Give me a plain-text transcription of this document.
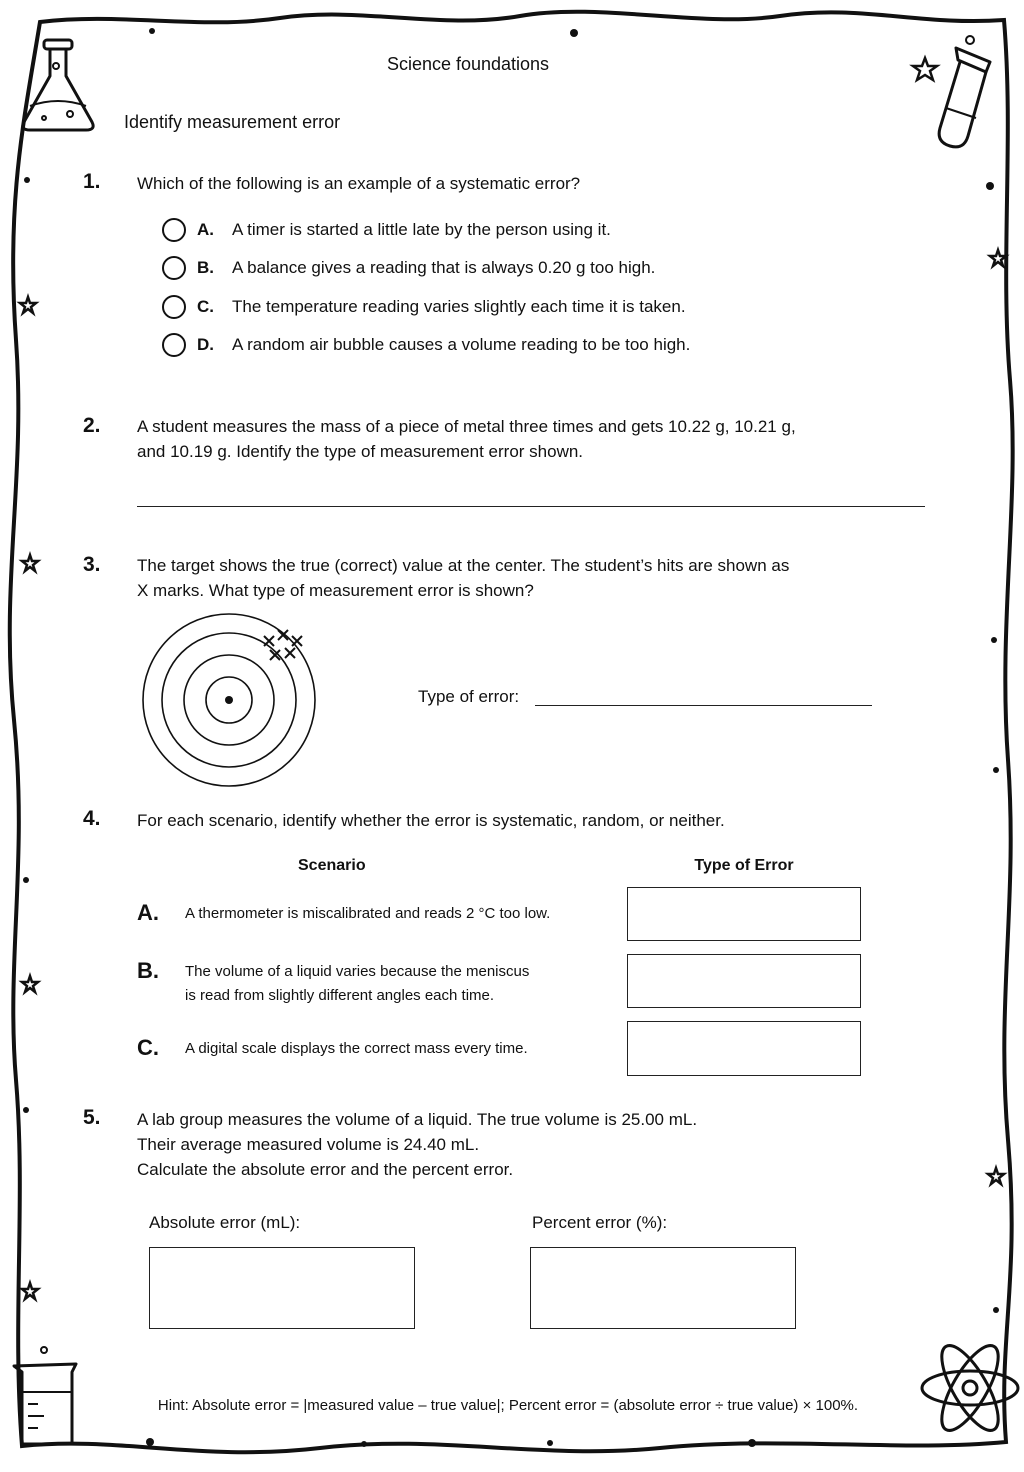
Science foundations
Identify measurement error
1. Which of the following is an example of a systematic error?
A.	A timer is started a little late by the person using it.
B.	A balance gives a reading that is always 0.20 g too high.
C.	The temperature reading varies slightly each time it is taken.
D.	A random air bubble causes a volume reading to be too high.
2. A student measures the mass of a piece of metal three times and gets 10.22 g, 10.21 g,
and 10.19 g. Identify the type of measurement error shown.
3. The target shows the true (correct) value at the center. The student’s hits are shown as
X marks. What type of measurement error is shown?
Type of error:
4. For each scenario, identify whether the error is systematic, random, or neither.
Scenario	Type of Error
A. A thermometer is miscalibrated and reads 2 °C too low.
B. The volume of a liquid varies because the meniscus
is read from slightly different angles each time.
C. A digital scale displays the correct mass every time.
5. A lab group measures the volume of a liquid. The true volume is 25.00 mL.
Their average measured volume is 24.40 mL.
Calculate the absolute error and the percent error.
Absolute error (mL):	Percent error (%):
Hint: Absolute error = |measured value – true value|; Percent error = (absolute error ÷ true value) × 100%.
